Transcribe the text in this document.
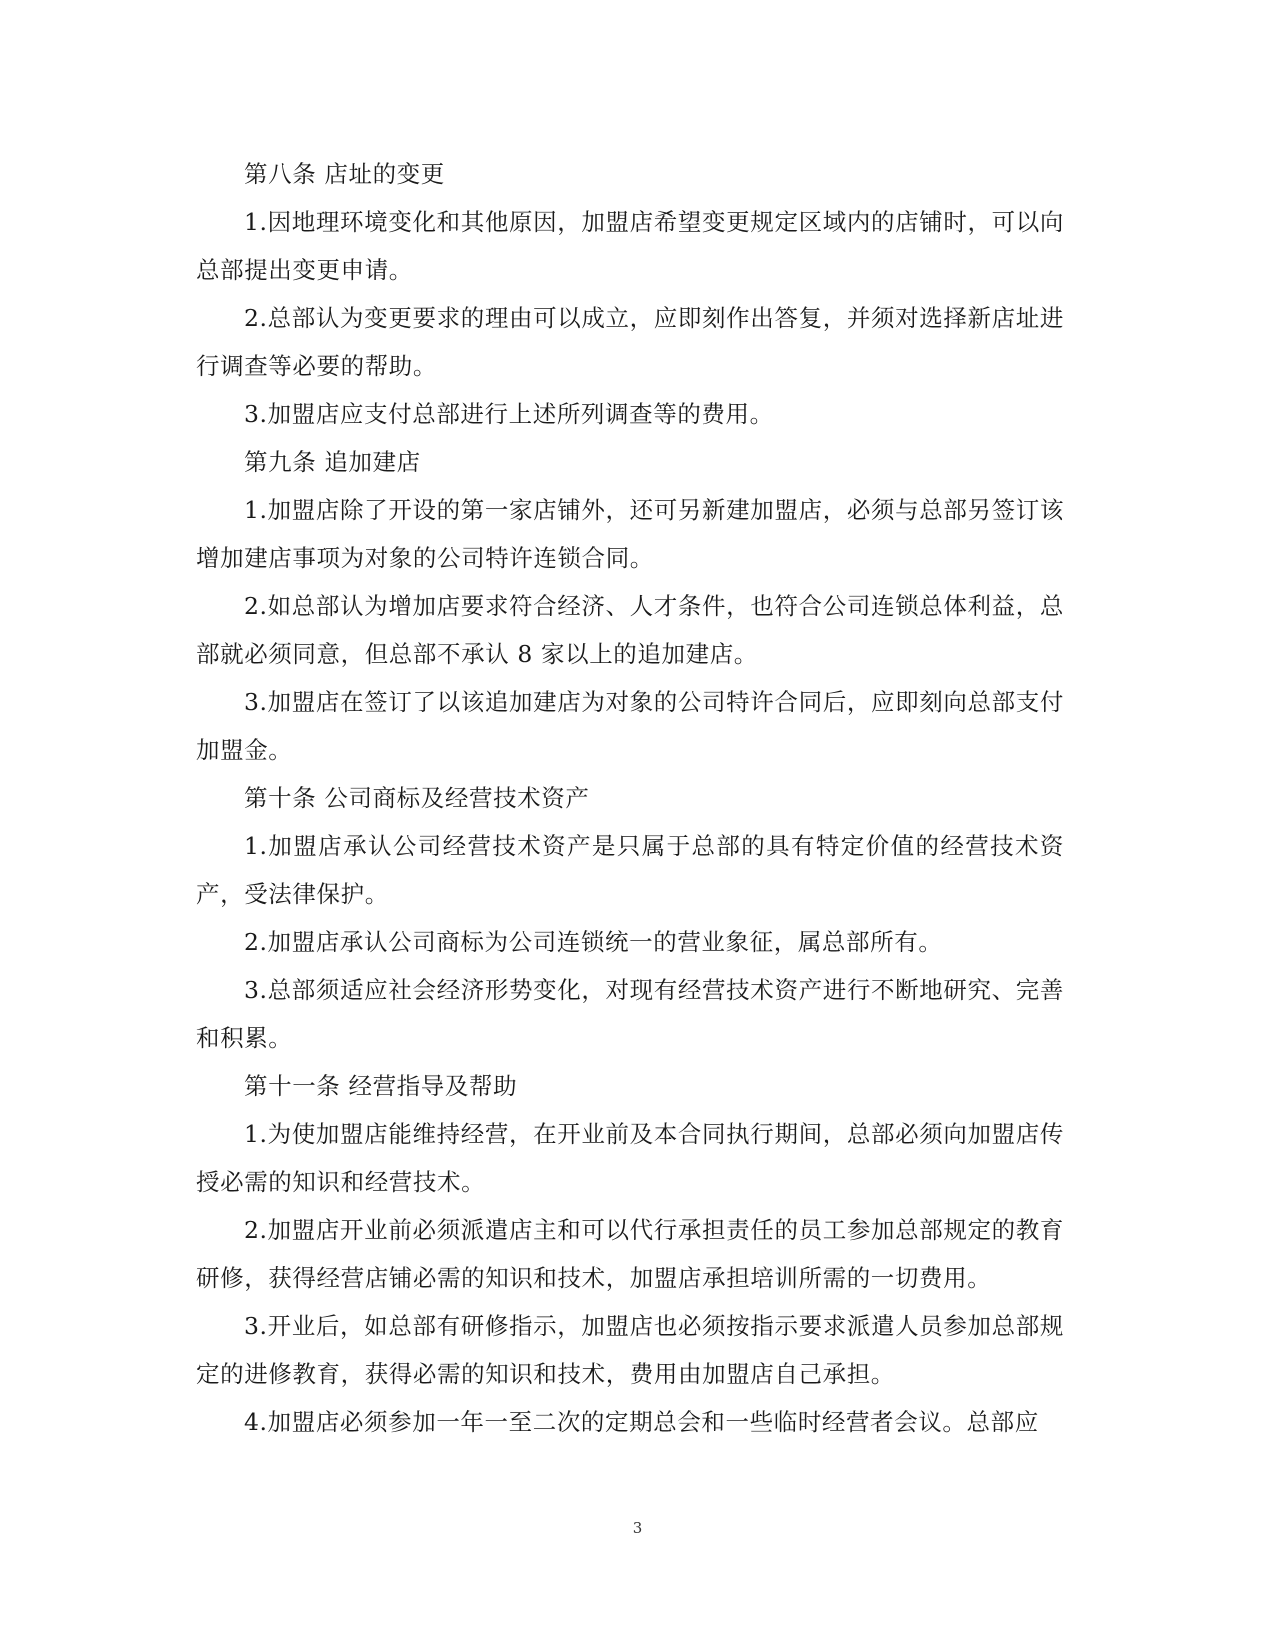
第八条 店址的变更

1.因地理环境变化和其他原因，加盟店希望变更规定区域内的店铺时，可以向总部提出变更申请。

2.总部认为变更要求的理由可以成立，应即刻作出答复，并须对选择新店址进行调查等必要的帮助。

3.加盟店应支付总部进行上述所列调查等的费用。

第九条 追加建店

1.加盟店除了开设的第一家店铺外，还可另新建加盟店，必须与总部另签订该增加建店事项为对象的公司特许连锁合同。

2.如总部认为增加店要求符合经济、人才条件，也符合公司连锁总体利益，总部就必须同意，但总部不承认 8 家以上的追加建店。

3.加盟店在签订了以该追加建店为对象的公司特许合同后，应即刻向总部支付加盟金。

第十条 公司商标及经营技术资产

1.加盟店承认公司经营技术资产是只属于总部的具有特定价值的经营技术资产，受法律保护。

2.加盟店承认公司商标为公司连锁统一的营业象征，属总部所有。

3.总部须适应社会经济形势变化，对现有经营技术资产进行不断地研究、完善和积累。

第十一条 经营指导及帮助

1.为使加盟店能维持经营，在开业前及本合同执行期间，总部必须向加盟店传授必需的知识和经营技术。

2.加盟店开业前必须派遣店主和可以代行承担责任的员工参加总部规定的教育研修，获得经营店铺必需的知识和技术，加盟店承担培训所需的一切费用。

3.开业后，如总部有研修指示，加盟店也必须按指示要求派遣人员参加总部规定的进修教育，获得必需的知识和技术，费用由加盟店自己承担。

4.加盟店必须参加一年一至二次的定期总会和一些临时经营者会议。总部应

3
